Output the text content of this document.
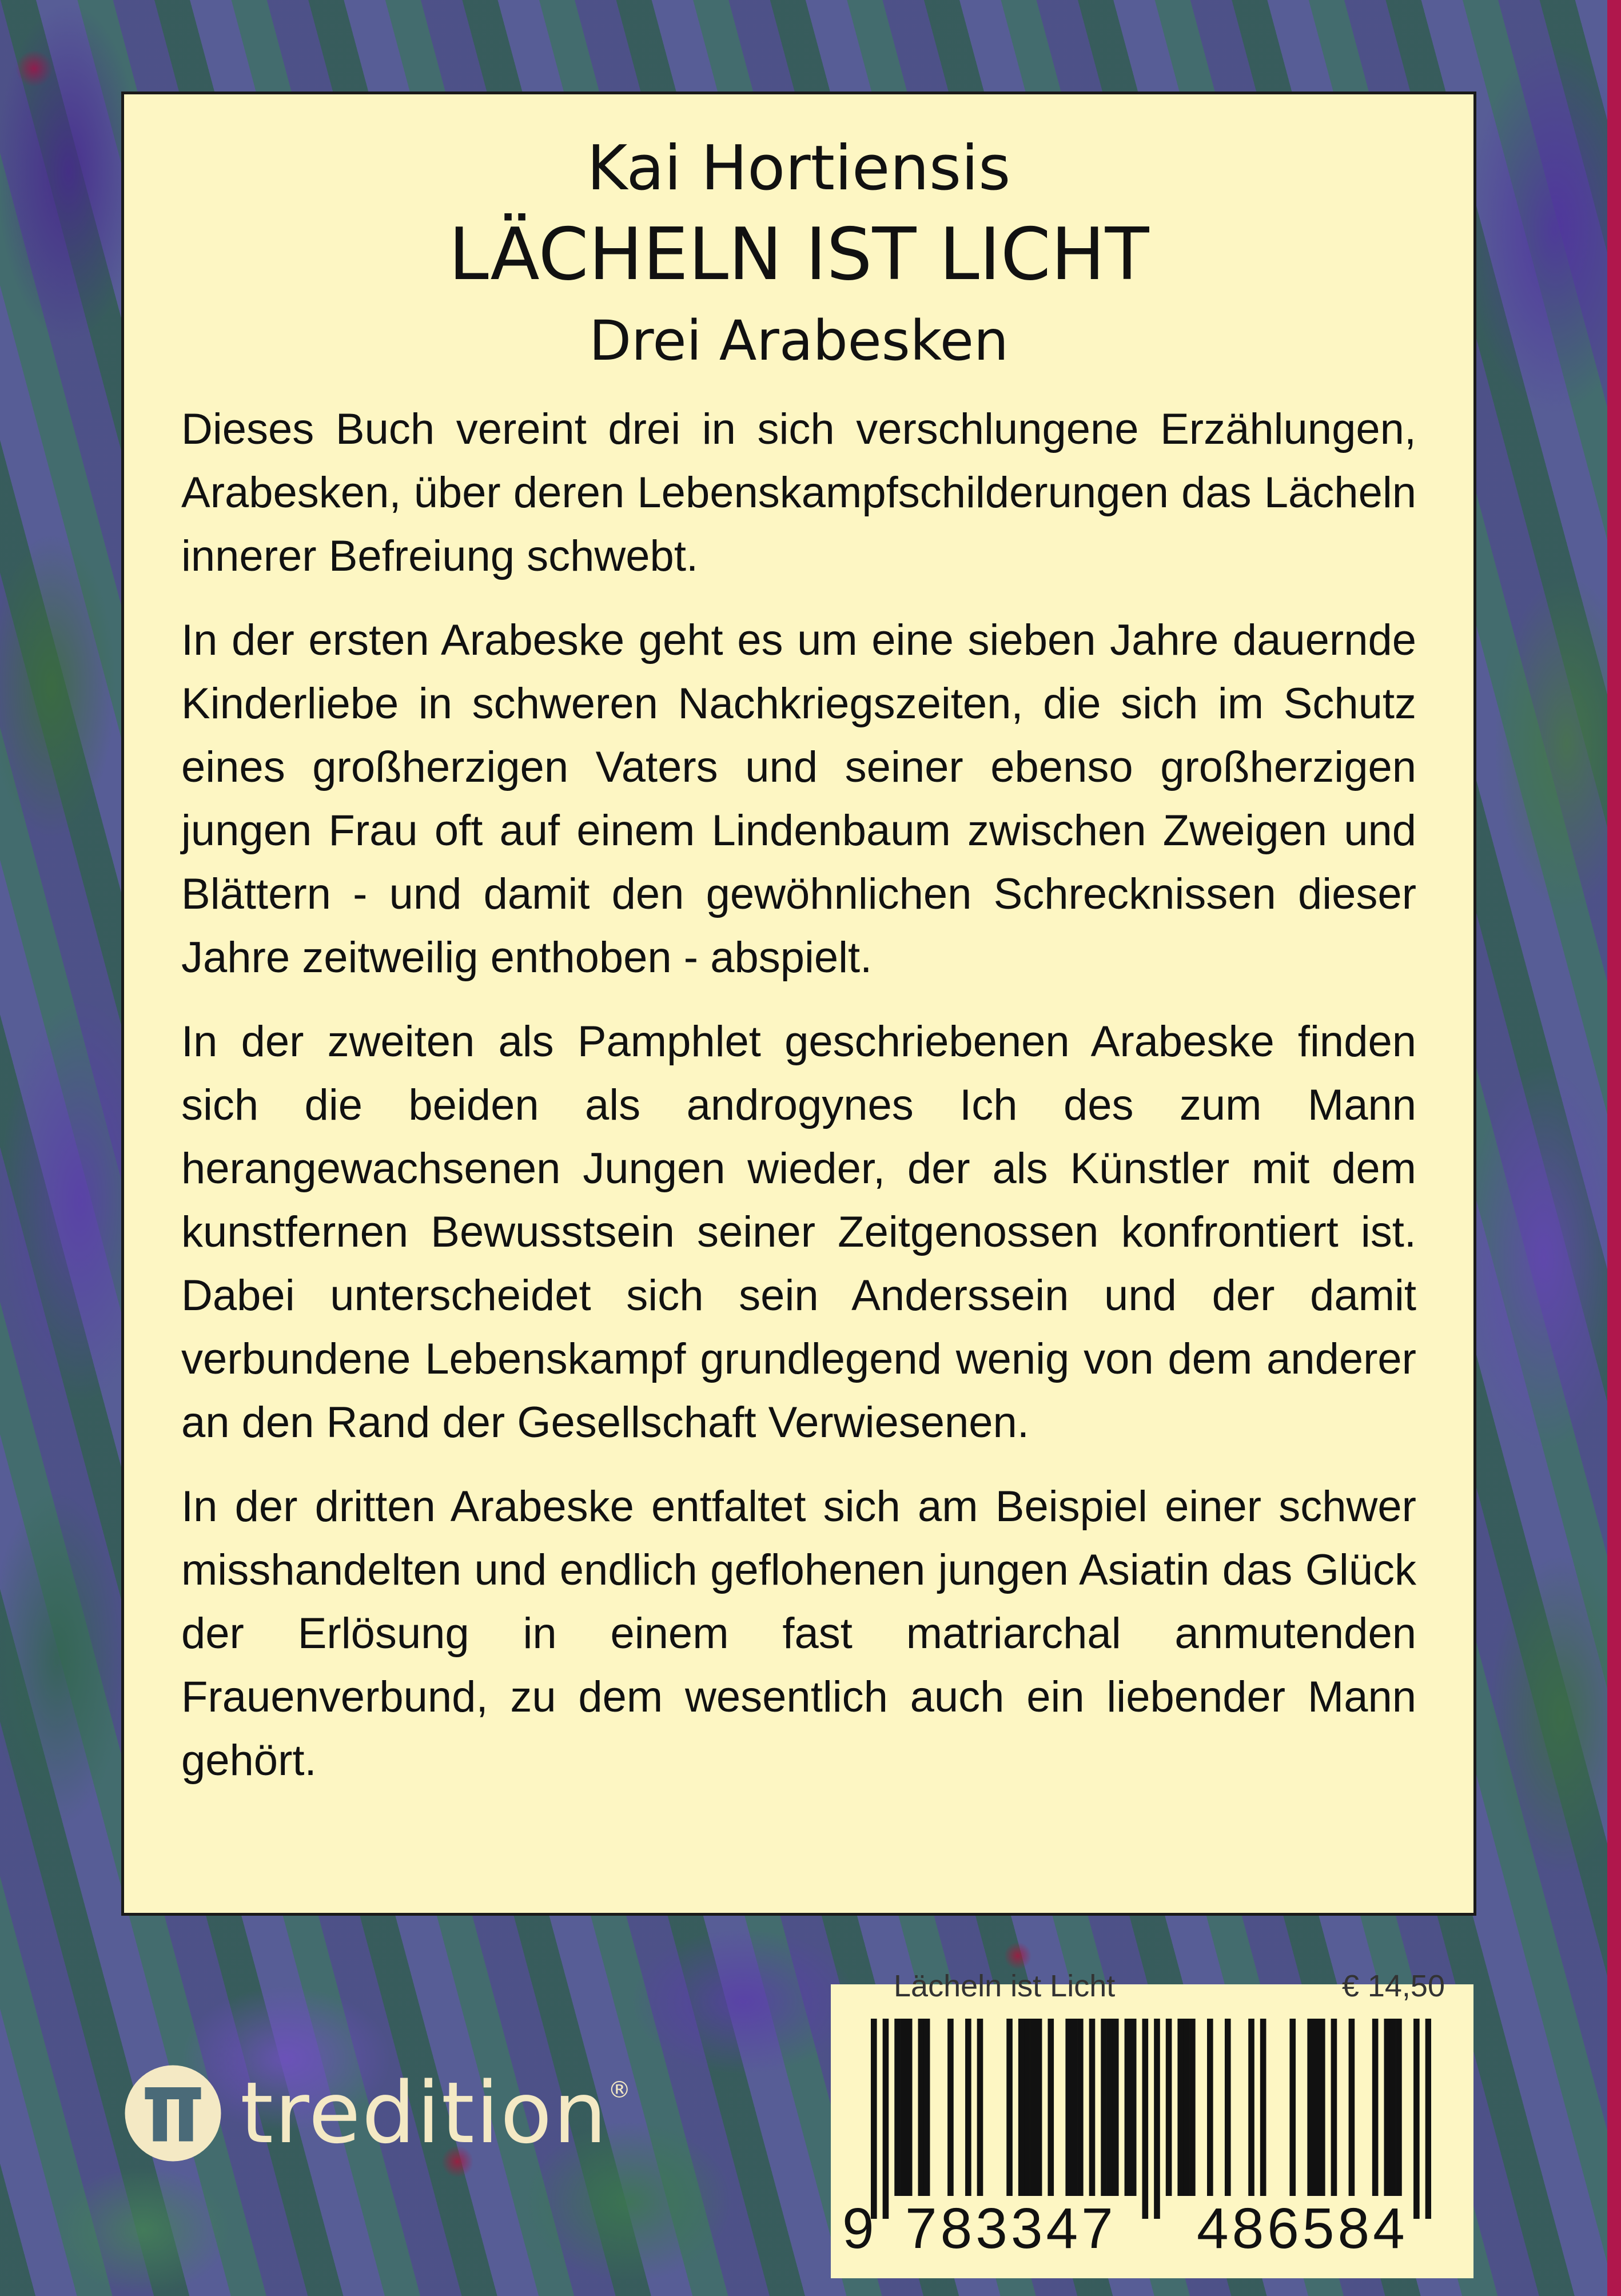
Kai Hortiensis
LÄCHELN IST LICHT
Drei Arabesken

Dieses Buch vereint drei in sich verschlungene Erzählungen, Arabesken, über deren Lebenskampfschilderungen das Lächeln innerer Befreiung schwebt.

In der ersten Arabeske geht es um eine sieben Jahre dauernde Kinderliebe in schweren Nachkriegszeiten, die sich im Schutz eines großherzigen Vaters und seiner ebenso großherzigen jungen Frau oft auf einem Lindenbaum zwischen Zweigen und Blättern - und damit den gewöhnlichen Schrecknissen dieser Jahre zeitweilig enthoben - abspielt.

In der zweiten als Pamphlet geschriebenen Arabeske finden sich die beiden als androgynes Ich des zum Mann herangewachsenen Jungen wieder, der als Künstler mit dem kunstfernen Bewusstsein seiner Zeitgenossen konfrontiert ist. Dabei unterscheidet sich sein Anderssein und der damit verbundene Lebenskampf grundlegend wenig von dem anderer an den Rand der Gesellschaft Verwiesenen.

In der dritten Arabeske entfaltet sich am Beispiel einer schwer misshandelten und endlich geflohenen jungen Asiatin das Glück der Erlösung in einem fast matriarchal anmutenden Frauenverbund, zu dem wesentlich auch ein liebender Mann gehört.

tredition®
Lächeln ist Licht	€ 14,50
9 783347 486584
